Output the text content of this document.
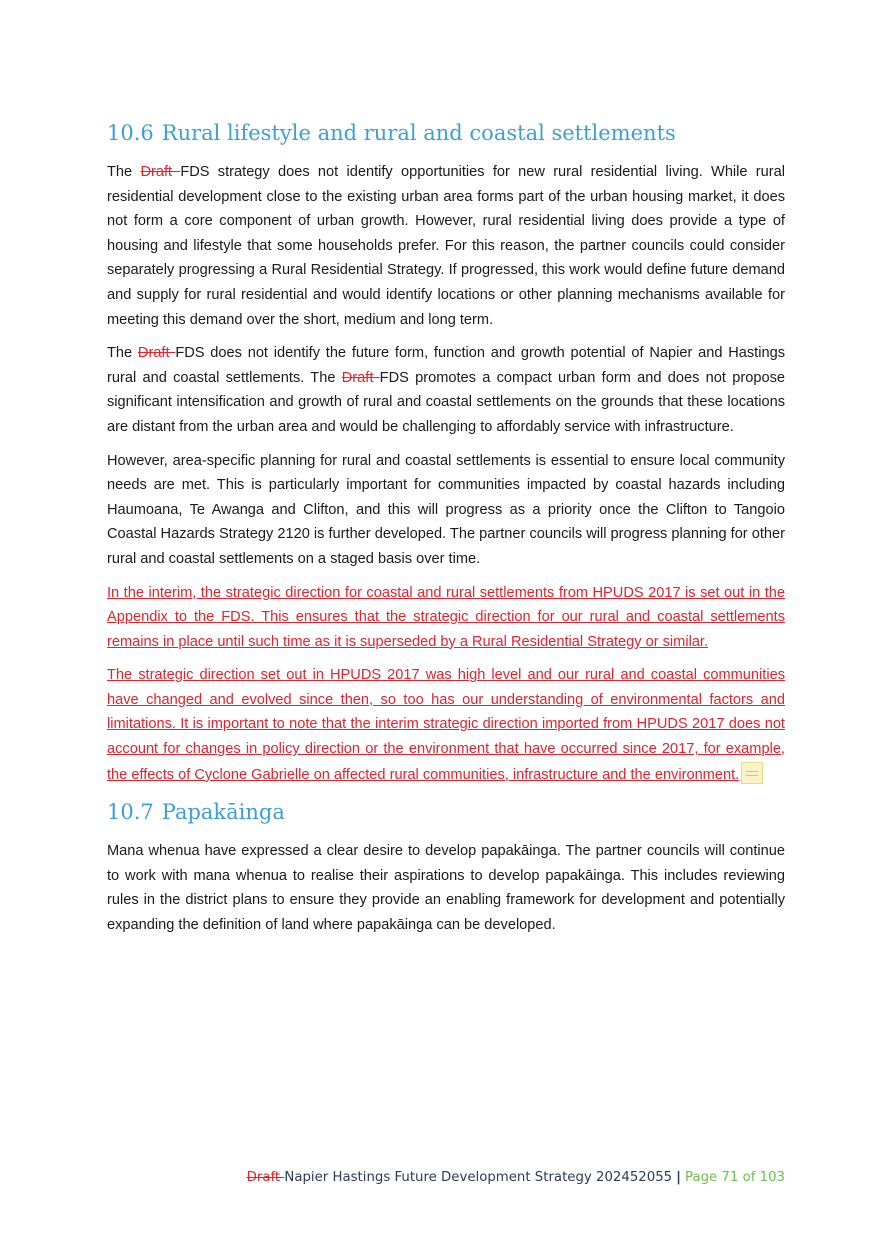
10.6 Rural lifestyle and rural and coastal settlements

The Draft FDS strategy does not identify opportunities for new rural residential living. While rural residential development close to the existing urban area forms part of the urban housing market, it does not form a core component of urban growth. However, rural residential living does provide a type of housing and lifestyle that some households prefer. For this reason, the partner councils could consider separately progressing a Rural Residential Strategy. If progressed, this work would define future demand and supply for rural residential and would identify locations or other planning mechanisms available for meeting this demand over the short, medium and long term.

The Draft FDS does not identify the future form, function and growth potential of Napier and Hastings rural and coastal settlements. The Draft FDS promotes a compact urban form and does not propose significant intensification and growth of rural and coastal settlements on the grounds that these locations are distant from the urban area and would be challenging to affordably service with infrastructure.

However, area-specific planning for rural and coastal settlements is essential to ensure local community needs are met. This is particularly important for communities impacted by coastal hazards including Haumoana, Te Awanga and Clifton, and this will progress as a priority once the Clifton to Tangoio Coastal Hazards Strategy 2120 is further developed. The partner councils will progress planning for other rural and coastal settlements on a staged basis over time.

In the interim, the strategic direction for coastal and rural settlements from HPUDS 2017 is set out in the Appendix to the FDS. This ensures that the strategic direction for our rural and coastal settlements remains in place until such time as it is superseded by a Rural Residential Strategy or similar.

The strategic direction set out in HPUDS 2017 was high level and our rural and coastal communities have changed and evolved since then, so too has our understanding of environmental factors and limitations. It is important to note that the interim strategic direction imported from HPUDS 2017 does not account for changes in policy direction or the environment that have occurred since 2017, for example, the effects of Cyclone Gabrielle on affected rural communities, infrastructure and the environment.

10.7 Papakāinga

Mana whenua have expressed a clear desire to develop papakāinga. The partner councils will continue to work with mana whenua to realise their aspirations to develop papakāinga. This includes reviewing rules in the district plans to ensure they provide an enabling framework for development and potentially expanding the definition of land where papakāinga can be developed.

Draft Napier Hastings Future Development Strategy 202452055 | Page 71 of 103
